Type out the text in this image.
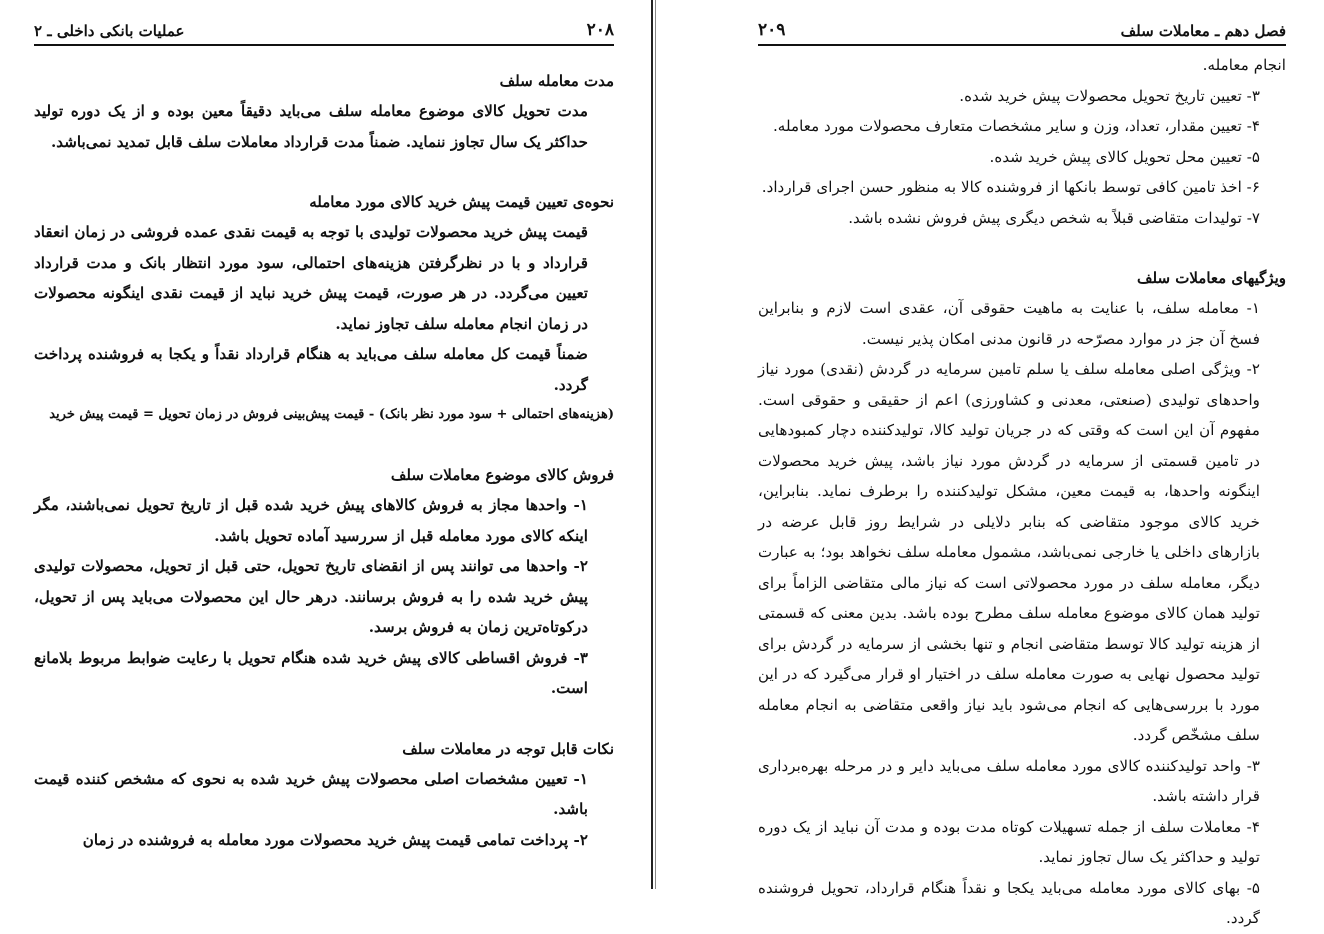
۲۰۸
عملیات بانکی داخلی ـ ۲
مدت معامله سلف

مدت تحویل کالای موضوع معامله سلف می‌باید دقیقاً معین بوده و از یک دوره تولید حداکثر یک سال تجاوز ننماید. ضمناً مدت قرارداد معاملات سلف قابل تمدید نمی‌باشد.

نحوه‌ی تعیین قیمت پیش خرید کالای مورد معامله

قیمت پیش خرید محصولات تولیدی با توجه به قیمت نقدی عمده فروشی در زمان انعقاد قرارداد و با در نظرگرفتن هزینه‌های احتمالی، سود مورد انتظار بانک و مدت قرارداد تعیین می‌گردد. در هر صورت، قیمت پیش خرید نباید از قیمت نقدی اینگونه محصولات در زمان انجام معامله سلف تجاوز نماید.

ضمناً قیمت کل معامله سلف می‌باید به هنگام قرارداد نقداً و یکجا به فروشنده پرداخت گردد.

(هزینه‌های احتمالی + سود مورد نظر بانک) - قیمت پیش‌بینی فروش در زمان تحویل = قیمت پیش خرید

فروش کالای موضوع معاملات سلف

۱- واحدها مجاز به فروش کالاهای پیش خرید شده قبل از تاریخ تحویل نمی‌باشند، مگر اینکه کالای مورد معامله قبل از سررسید آماده تحویل باشد.

۲- واحدها می توانند پس از انقضای تاریخ تحویل، حتی قبل از تحویل، محصولات تولیدی پیش خرید شده را به فروش برسانند. درهر حال این محصولات می‌باید پس از تحویل، درکوتاه‌ترین زمان به فروش برسد.

۳- فروش اقساطی کالای پیش خرید شده هنگام تحویل با رعایت ضوابط مربوط بلامانع است.

نکات قابل توجه در معاملات سلف

۱- تعیین مشخصات اصلی محصولات پیش خرید شده به نحوی که مشخص کننده قیمت باشد.

۲- پرداخت تمامی قیمت پیش خرید محصولات مورد معامله به فروشنده در زمان

فصل دهم ـ معاملات سلف
۲۰۹

انجام معامله.

۳- تعیین تاریخ تحویل محصولات پیش خرید شده.

۴- تعیین مقدار، تعداد، وزن و سایر مشخصات متعارف محصولات مورد معامله.

۵- تعیین محل تحویل کالای پیش خرید شده.

۶- اخذ تامین کافی توسط بانکها از فروشنده کالا به منظور حسن اجرای قرارداد.

۷- تولیدات متقاضی قبلاً به شخص دیگری پیش فروش نشده باشد.

ویژگیهای معاملات سلف

۱- معامله سلف، با عنایت به ماهیت حقوقی آن، عقدی است لازم و بنابراین فسخ آن جز در موارد مصرّحه در قانون مدنی امکان پذیر نیست.

۲- ویژگی اصلی معامله سلف یا سلم تامین سرمایه در گردش (نقدی) مورد نیاز واحدهای تولیدی (صنعتی، معدنی و کشاورزی) اعم از حقیقی و حقوقی است. مفهوم آن این است که وقتی که در جریان تولید کالا، تولیدکننده دچار کمبودهایی در تامین قسمتی از سرمایه در گردش مورد نیاز باشد، پیش خرید محصولات اینگونه واحدها، به قیمت معین، مشکل تولیدکننده را برطرف نماید. بنابراین، خرید کالای موجود متقاضی که بنابر دلایلی در شرایط روز قابل عرضه در بازارهای داخلی یا خارجی نمی‌باشد، مشمول معامله سلف نخواهد بود؛ به عبارت دیگر، معامله سلف در مورد محصولاتی است که نیاز مالی متقاضی الزاماً برای تولید همان کالای موضوع معامله سلف مطرح بوده باشد. بدین معنی که قسمتی از هزینه تولید کالا توسط متقاضی انجام و تنها بخشی از سرمایه در گردش برای تولید محصول نهایی به صورت معامله سلف در اختیار او قرار می‌گیرد که در این مورد با بررسی‌هایی که انجام می‌شود باید نیاز واقعی متقاضی به انجام معامله سلف مشخّص گردد.

۳- واحد تولیدکننده کالای مورد معامله سلف می‌باید دایر و در مرحله بهره‌برداری قرار داشته باشد.

۴- معاملات سلف از جمله تسهیلات کوتاه مدت بوده و مدت آن نباید از یک دوره تولید و حداکثر یک سال تجاوز نماید.

۵- بهای کالای مورد معامله می‌باید یکجا و نقداً هنگام قرارداد، تحویل فروشنده گردد.
